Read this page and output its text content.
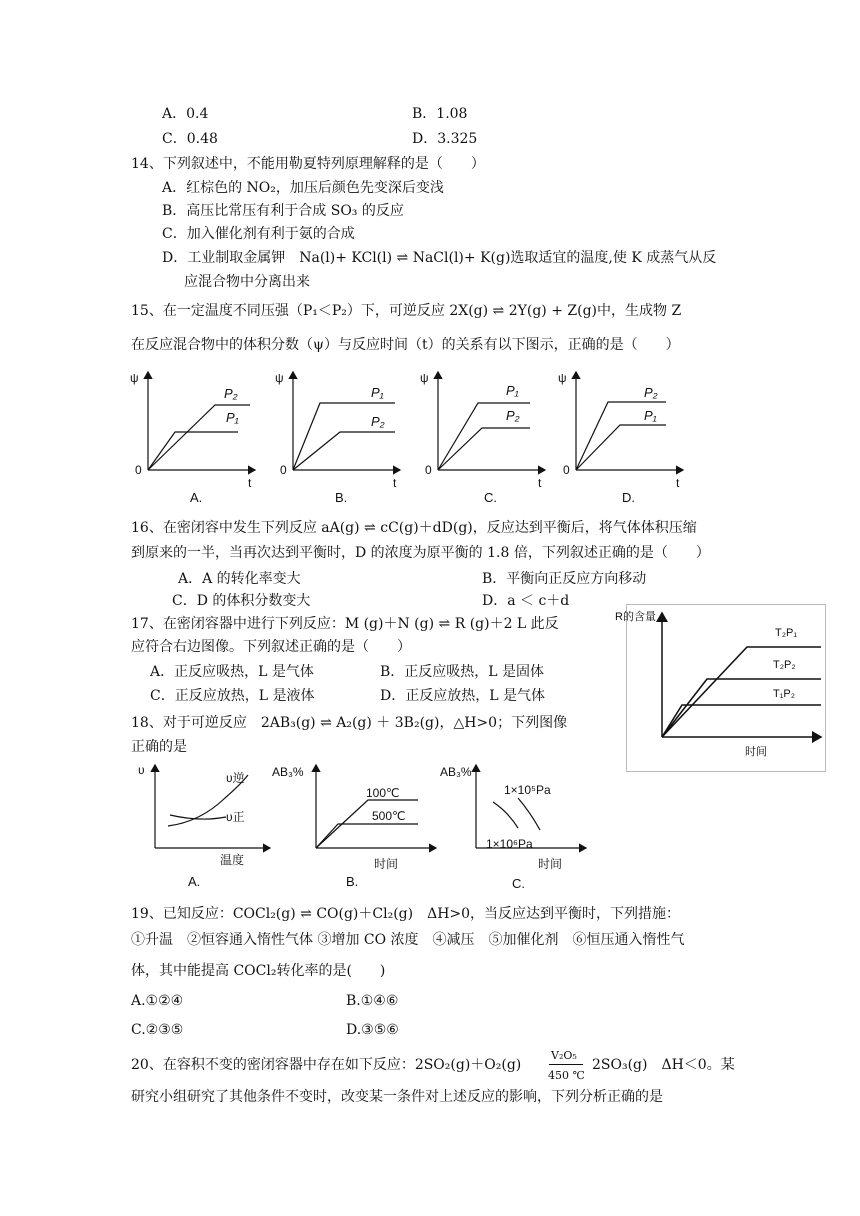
A．0.4	B．1.08
C．0.48	D．3.325
14、下列叙述中，不能用勒夏特列原理解释的是（　　）
A．红棕色的 NO₂，加压后颜色先变深后变浅
B．高压比常压有利于合成 SO₃ 的反应
C．加入催化剂有利于氨的合成
D．工业制取金属钾　Na(l)+ KCl(l) ⇌ NaCl(l)+ K(g)选取适宜的温度,使 K 成蒸气从反
应混合物中分离出来
15、在一定温度不同压强（P₁＜P₂）下，可逆反应 2X(g) ⇌ 2Y(g) + Z(g)中，生成物 Z
在反应混合物中的体积分数（ψ）与反应时间（t）的关系有以下图示，正确的是（　　）
ψ
0
t
P₂
P₁
A.
ψ
0
t
P₁
P₂
B.
ψ
0
t
P₁
P₂
C.
ψ
0
t
P₂
P₁
D.
16、在密闭容中发生下列反应 aA(g) ⇌ cC(g)＋dD(g)，反应达到平衡后，将气体体积压缩
到原来的一半，当再次达到平衡时，D 的浓度为原平衡的 1.8 倍，下列叙述正确的是（　　）
A．A 的转化率变大	B．平衡向正反应方向移动
C．D 的体积分数变大	D．a ＜ c＋d
17、在密闭容器中进行下列反应：M (g)＋N (g) ⇌ R (g)＋2 L 此反
应符合右边图像。下列叙述正确的是（　　）
A．正反应吸热，L 是气体	B．正反应吸热，L 是固体
C．正反应放热，L 是液体	D．正反应放热，L 是气体
R的含量
时间
T₂P₁
T₂P₂
T₁P₂
18、对于可逆反应　2AB₃(g) ⇌ A₂(g) ＋ 3B₂(g)，△H>0；下列图像
正确的是
υ
υ逆
υ正
温度
A.
AB₃%
100℃
500℃
时间
B.
AB₃%
1×10⁵Pa
1×10⁶Pa
时间
C.
19、已知反应：COCl₂(g) ⇌ CO(g)＋Cl₂(g)　ΔH>0，当反应达到平衡时，下列措施：
①升温　②恒容通入惰性气体 ③增加 CO 浓度　④减压　⑤加催化剂　⑥恒压通入惰性气
体，其中能提高 COCl₂转化率的是(　　)
A.①②④	B.①④⑥
C.②③⑤	D.③⑤⑥
20、在容积不变的密闭容器中存在如下反应：2SO₂(g)＋O₂(g)
V₂O₅
450 ℃
2SO₃(g)　ΔH＜0。某
研究小组研究了其他条件不变时，改变某一条件对上述反应的影响，下列分析正确的是
